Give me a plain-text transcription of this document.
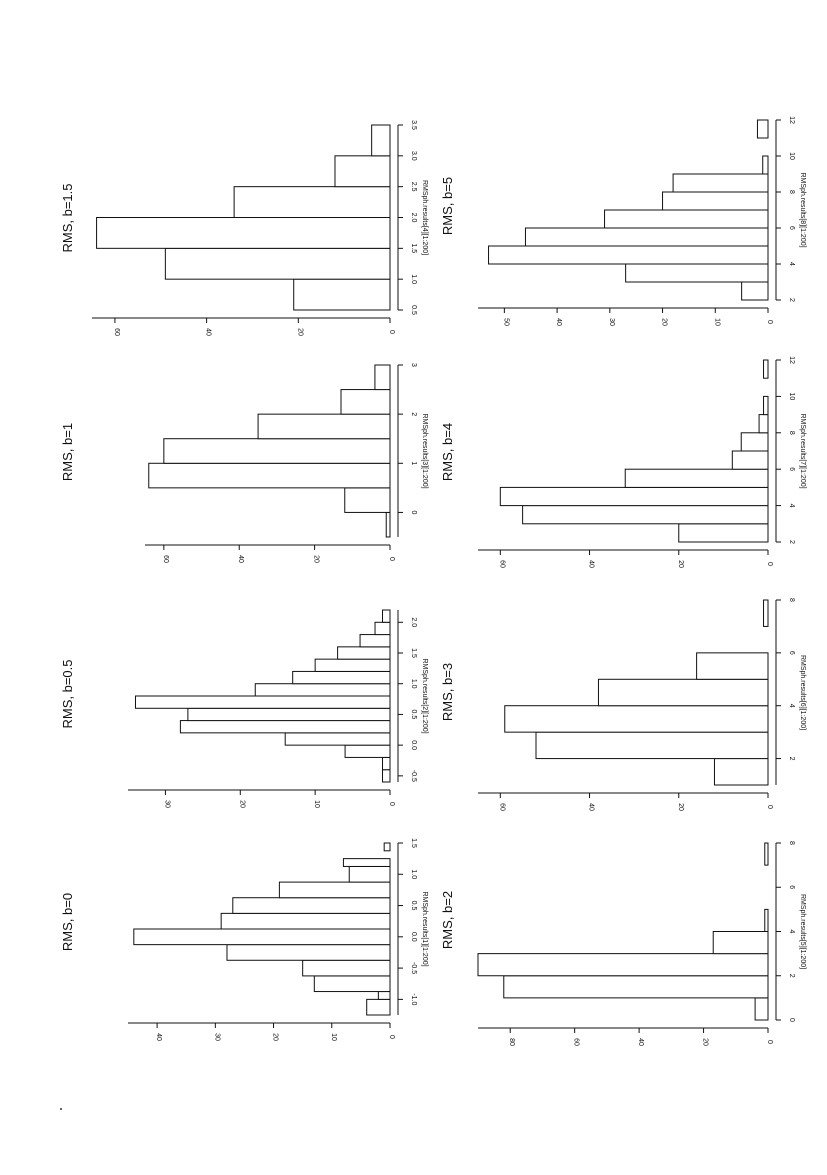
-1.0
-0.5
0.0
0.5
1.0
1.5
0
10
20
30
40
RMSph.results[1][1:200]
RMS, b=0
-0.5
0.0
0.5
1.0
1.5
2.0
0
10
20
30
RMSph.results[2][1:200]
RMS, b=0.5
0
1
2
3
0
20
40
60
RMSph.results[3][1:200]
RMS, b=1
0.5
1.0
1.5
2.0
2.5
3.0
3.5
0
20
40
60
RMSph.results[4][1:200]
RMS, b=1.5
0
2
4
6
8
0
20
40
60
80
RMSph.results[5][1:200]
RMS, b=2
2
4
6
8
0
20
40
60
RMSph.results[6][1:200]
RMS, b=3
2
4
6
8
10
12
0
20
40
60
RMSph.results[7][1:200]
RMS, b=4
2
4
6
8
10
12
0
10
20
30
40
50
RMSph.results[8][1:200]
RMS, b=5
